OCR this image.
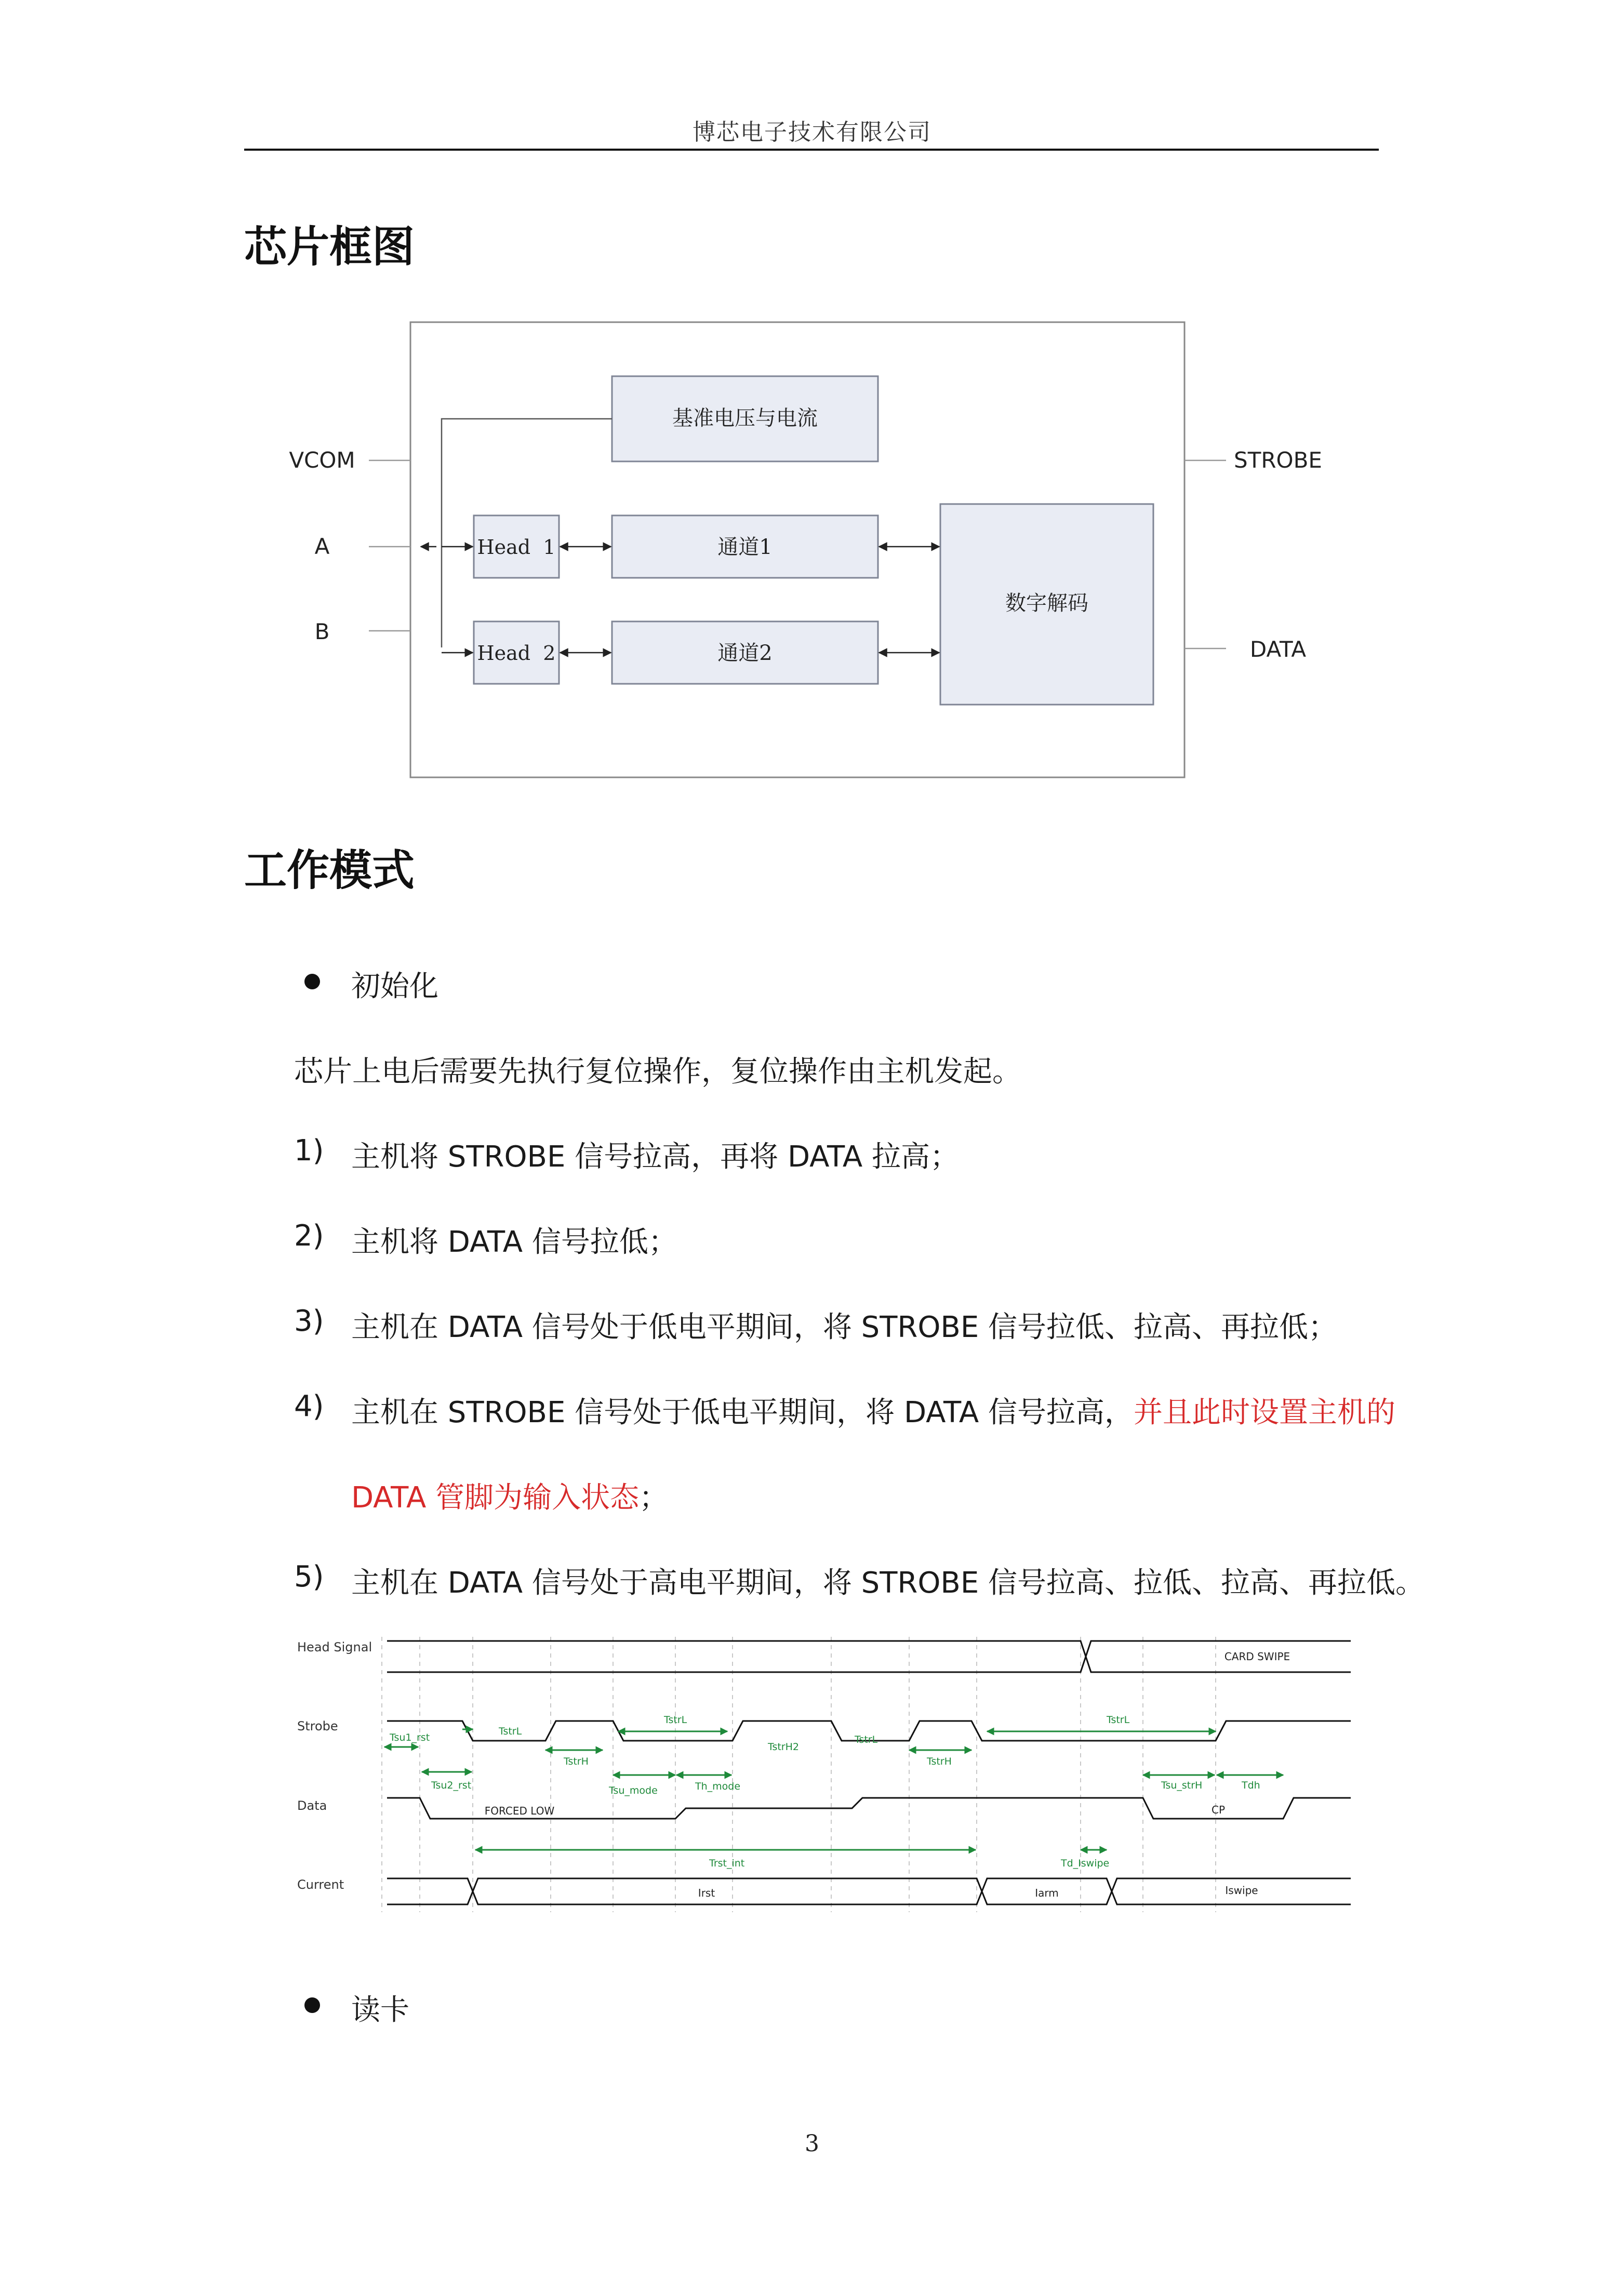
博芯电子技术有限公司
芯片框图
基准电压与电流
Head  1	通道1
Head  2	通道2
数字解码
VCOM
A
B
STROBE
DATA
工作模式
初始化
芯片上电后需要先执行复位操作，复位操作由主机发起。
1) 主机将 STROBE 信号拉高，再将 DATA 拉高；
2) 主机将 DATA 信号拉低；
3) 主机在 DATA 信号处于低电平期间，将 STROBE 信号拉低、拉高、再拉低；
4) 主机在 STROBE 信号处于低电平期间，将 DATA 信号拉高，并且此时设置主机的
DATA 管脚为输入状态；
5) 主机在 DATA 信号处于高电平期间，将 STROBE 信号拉高、拉低、拉高、再拉低。
Head Signal
Strobe
Data
Current
CARD SWIPE
FORCED LOW	CP
Irst	Iarm	Iswipe
Tsu1_rst
Tsu2_rst
TstrL
TstrH
TstrL
Tsu_mode	Th_mode
TstrH2
TstrL
TstrH
TstrL
Tsu_strH	Tdh
Trst_int	Td_Iswipe
读卡
3
